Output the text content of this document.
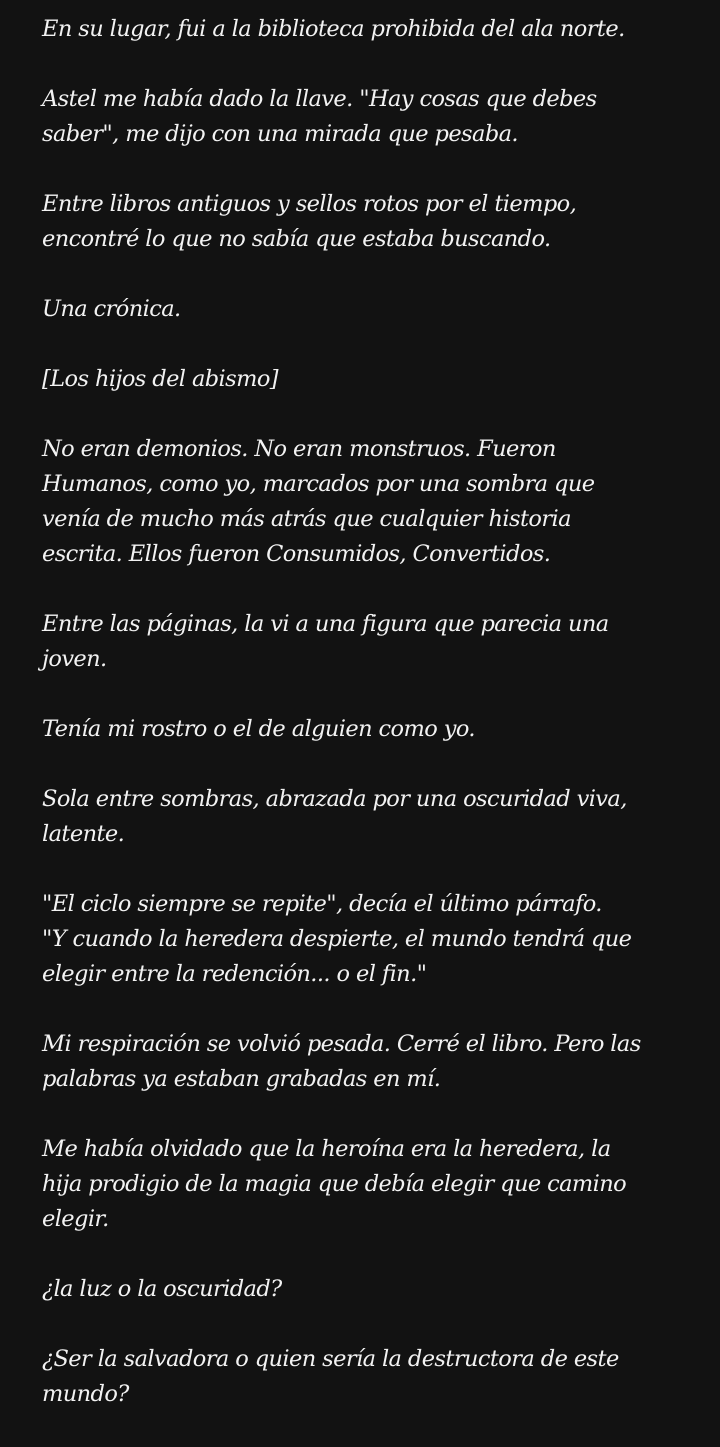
En su lugar, fui a la biblioteca prohibida del ala norte.

Astel me había dado la llave. "Hay cosas que debes
saber", me dijo con una mirada que pesaba.

Entre libros antiguos y sellos rotos por el tiempo,
encontré lo que no sabía que estaba buscando.

Una crónica.

[Los hijos del abismo]

No eran demonios. No eran monstruos. Fueron
Humanos, como yo, marcados por una sombra que
venía de mucho más atrás que cualquier historia
escrita. Ellos fueron Consumidos, Convertidos.

Entre las páginas, la vi a una figura que parecia una
joven.

Tenía mi rostro o el de alguien como yo.

Sola entre sombras, abrazada por una oscuridad viva,
latente.

"El ciclo siempre se repite", decía el último párrafo.
"Y cuando la heredera despierte, el mundo tendrá que
elegir entre la redención... o el fin."

Mi respiración se volvió pesada. Cerré el libro. Pero las
palabras ya estaban grabadas en mí.

Me había olvidado que la heroína era la heredera, la
hija prodigio de la magia que debía elegir que camino
elegir.

¿la luz o la oscuridad?

¿Ser la salvadora o quien sería la destructora de este
mundo?
